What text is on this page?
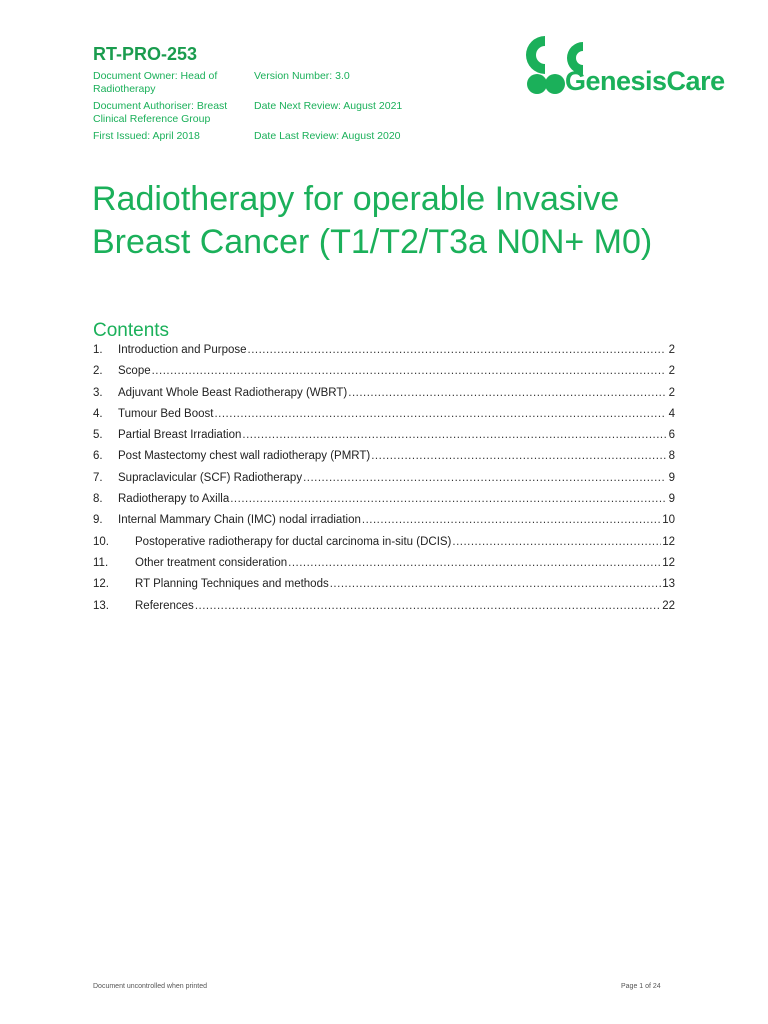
RT-PRO-253
Document Owner: Head of Radiotherapy
Version Number: 3.0
Document Authoriser: Breast Clinical Reference Group
Date Next Review: August 2021
First Issued: April 2018	Date Last Review: August 2020
GenesisCare
Radiotherapy for operable Invasive Breast Cancer (T1/T2/T3a N0N+ M0)
Contents
1.	Introduction and Purpose .....	2
2.	Scope .....	2
3.	Adjuvant Whole Beast Radiotherapy (WBRT) .....	2
4.	Tumour Bed Boost .....	4
5.	Partial Breast Irradiation .....	6
6.	Post Mastectomy chest wall radiotherapy (PMRT) .....	8
7.	Supraclavicular (SCF) Radiotherapy .....	9
8.	Radiotherapy to Axilla .....	9
9.	Internal Mammary Chain (IMC) nodal irradiation .....	10
10.	Postoperative radiotherapy for ductal carcinoma in-situ (DCIS) .....	12
11.	Other treatment consideration .....	12
12.	RT Planning Techniques and methods .....	13
13.	References .....	22
Document uncontrolled when printed	Page 1 of 24
